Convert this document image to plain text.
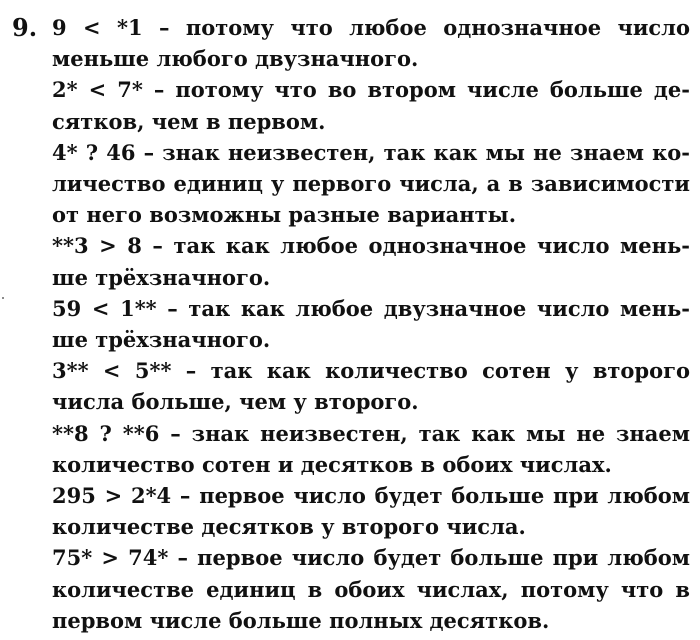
9. 9 < *1 – потому что любое однозначное число
меньше любого двузначного.
2* < 7* – потому что во втором числе больше де-
сятков, чем в первом.
4* ? 46 – знак неизвестен, так как мы не знаем ко-
личество единиц у первого числа, а в зависимости
от него возможны разные варианты.
**3 > 8 – так как любое однозначное число мень-
ше трёхзначного.
59 < 1** – так как любое двузначное число мень-
ше трёхзначного.
3** < 5** – так как количество сотен у второго
числа больше, чем у второго.
**8 ? **6 – знак неизвестен, так как мы не знаем
количество сотен и десятков в обоих числах.
295 > 2*4 – первое число будет больше при любом
количестве десятков у второго числа.
75* > 74* – первое число будет больше при любом
количестве единиц в обоих числах, потому что в
первом числе больше полных десятков.
